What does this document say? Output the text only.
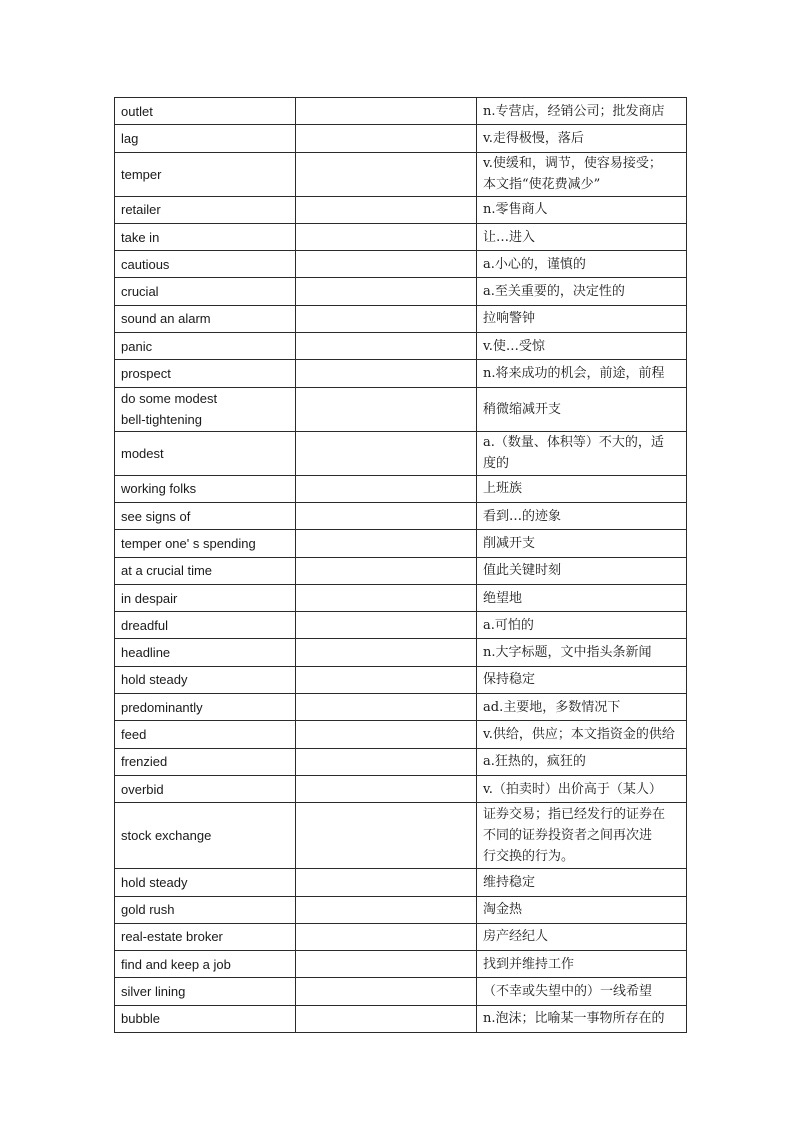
outlet		n.专营店，经销公司；批发商店

lag		v.走得极慢，落后

temper		v.使缓和，调节，使容易接受；
本文指“使花费减少”

retailer		n.零售商人

take in		让…进入

cautious		a.小心的，谨慎的

crucial		a.至关重要的，决定性的

sound an alarm		拉响警钟

panic		v.使…受惊

prospect		n.将来成功的机会，前途，前程

do some modest
bell-tightening		稍微缩减开支

modest		a.（数量、体积等）不大的，适
度的

working folks		上班族

see signs of		看到…的迹象

temper one' s spending		削减开支

at a crucial time		值此关键时刻

in despair		绝望地

dreadful		a.可怕的

headline		n.大字标题，文中指头条新闻

hold steady		保持稳定

predominantly		ad.主要地，多数情况下

feed		v.供给，供应；本文指资金的供给

frenzied		a.狂热的，疯狂的

overbid		v.（拍卖时）出价高于（某人）

stock exchange		证券交易；指已经发行的证券在
不同的证券投资者之间再次进
行交换的行为。

hold steady		维持稳定

gold rush		淘金热

real-estate broker		房产经纪人

find and keep a job		找到并维持工作

silver lining		（不幸或失望中的）一线希望

bubble		n.泡沫；比喻某一事物所存在的
